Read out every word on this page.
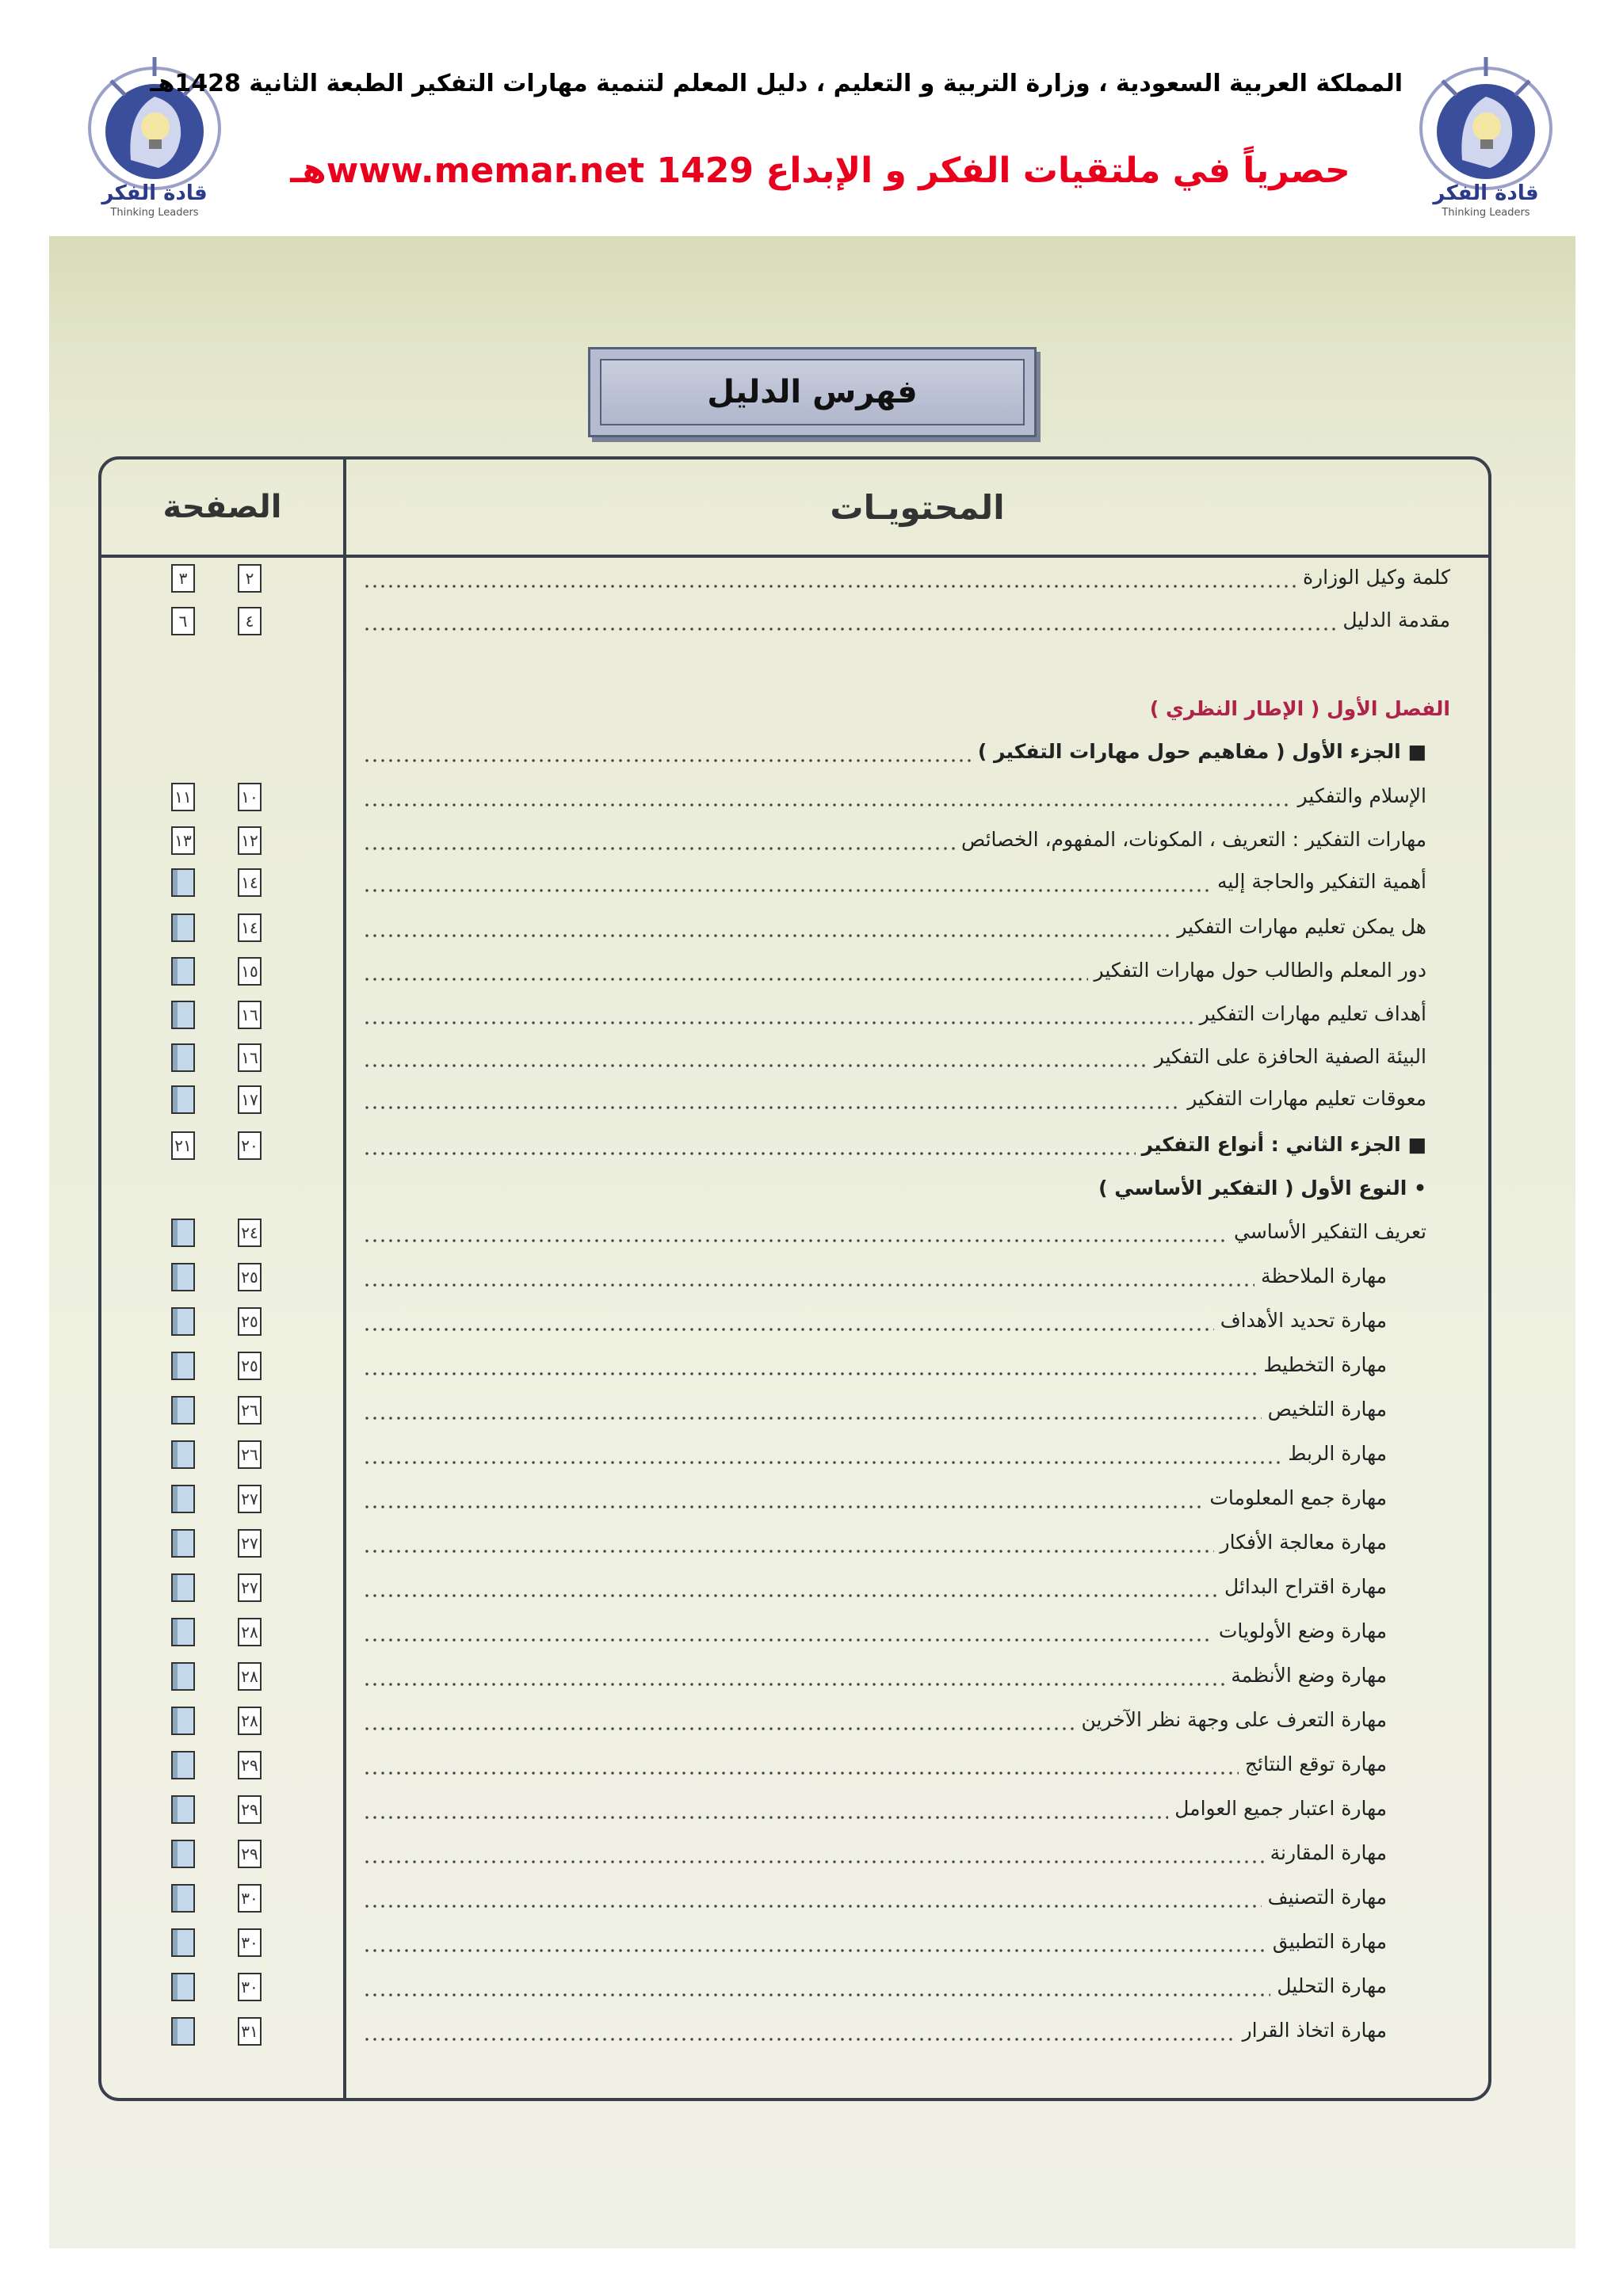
قادة الفكر
Thinking Leaders
قادة الفكر
Thinking Leaders
المملكة العربية السعودية ، وزارة التربية و التعليم ، دليل المعلم لتنمية مهارات التفكير الطبعة الثانية 1428هـ
حصرياً في ملتقيات الفكر و الإبداع www.memar.net 1429هـ
فهرس الدليل
الصفحة	المحتويـات
كلمة وكيل الوزارة
٢
٣
مقدمة الدليل
٤
٦
الفصل الأول ( الإطار النظري )
■ الجزء الأول ( مفاهيم حول مهارات التفكير )
الإسلام والتفكير
١٠
١١
مهارات التفكير : التعريف ، المكونات، المفهوم، الخصائص
١٢
١٣
أهمية التفكير والحاجة إليه
١٤
هل يمكن تعليم مهارات التفكير
١٤
دور المعلم والطالب حول مهارات التفكير
١٥
أهداف تعليم مهارات التفكير
١٦
البيئة الصفية الحافزة على التفكير
١٦
معوقات تعليم مهارات التفكير
١٧
■ الجزء الثاني : أنواع التفكير
٢٠
٢١
• النوع الأول ( التفكير الأساسي )
تعريف التفكير الأساسي
٢٤
مهارة الملاحظة
٢٥
مهارة تحديد الأهداف
٢٥
مهارة التخطيط
٢٥
مهارة التلخيص
٢٦
مهارة الربط
٢٦
مهارة جمع المعلومات
٢٧
مهارة معالجة الأفكار
٢٧
مهارة اقتراح البدائل
٢٧
مهارة وضع الأولويات
٢٨
مهارة وضع الأنظمة
٢٨
مهارة التعرف على وجهة نظر الآخرين
٢٨
مهارة توقع النتائج
٢٩
مهارة اعتبار جميع العوامل
٢٩
مهارة المقارنة
٢٩
مهارة التصنيف
٣٠
مهارة التطبيق
٣٠
مهارة التحليل
٣٠
مهارة اتخاذ القرار
٣١
